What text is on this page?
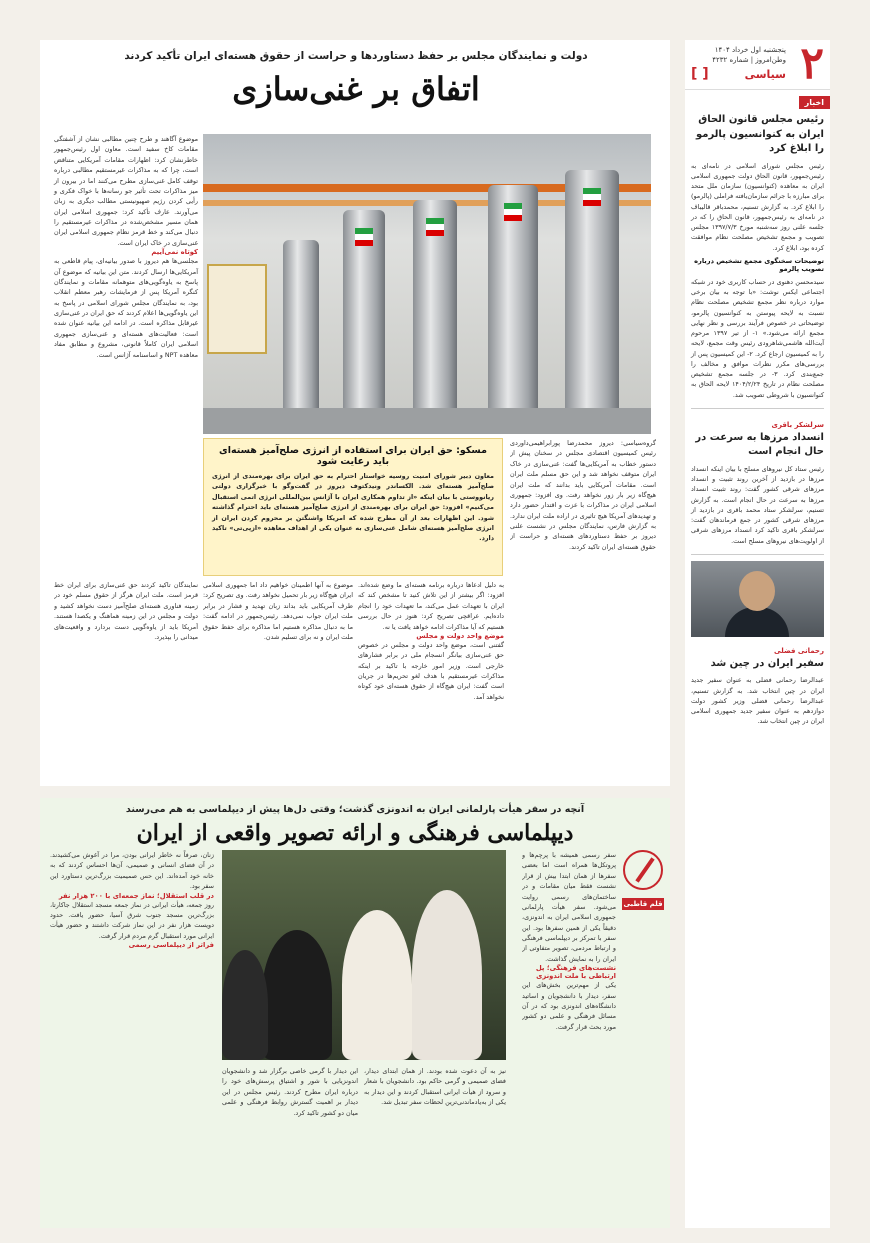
۲
پنجشنبه اول خرداد ۱۴۰۴
وطن‌امروز | شماره ۴۲۳۲
سیاسی
[ ]
اخبار
رئیس مجلس قانون الحاق ایران به کنوانسیون پالرمو را ابلاغ کرد
رئیس مجلس شورای اسلامی در نامه‌ای به رئیس‌جمهور، قانون الحاق دولت جمهوری اسلامی ایران به معاهده (کنوانسیون) سازمان ملل متحد برای مبارزه با جرائم سازمان‌یافته فراملی (پالرمو) را ابلاغ کرد. به گزارش تسنیم، محمدباقر قالیباف در نامه‌ای به رئیس‌جمهور، قانون الحاق را که در جلسه علنی روز سه‌شنبه مورخ ۱۳۹۷/۷/۳ مجلس تصویب و مجمع تشخیص مصلحت نظام موافقت کرده بود، ابلاغ کرد.
توضیحات سخنگوی مجمع تشخیص درباره تصویب پالرمو
سیدمحسن دهنوی در حساب کاربری خود در شبکه اجتماعی ایکس نوشت: «با توجه به بیان برخی موارد درباره نظر مجمع تشخیص مصلحت نظام نسبت به لایحه پیوستن به کنوانسیون پالرمو، توضیحاتی در خصوص فرآیند بررسی و نظر نهایی مجمع ارائه می‌شود.» ۱- از تیر ۱۳۹۷ مرحوم آیت‌الله هاشمی‌شاهرودی رئیس وقت مجمع، لایحه را به کمیسیون ارجاع کرد. ۲- این کمیسیون پس از بررسی‌های مکرر نظرات موافق و مخالف را جمع‌بندی کرد. ۳- در جلسه مجمع تشخیص مصلحت نظام در تاریخ ۱۴۰۴/۲/۲۴ لایحه الحاق به کنوانسیون با شروطی تصویب شد.
سرلشکر باقری
انسداد مرزها به سرعت در حال انجام است
رئیس ستاد کل نیروهای مسلح با بیان اینکه انسداد مرزها در بازدید از آخرین روند تثبیت و انسداد مرزهای شرقی کشور گفت: روند تثبیت انسداد مرزها به سرعت در حال انجام است. به گزارش تسنیم، سرلشکر ستاد محمد باقری در بازدید از مرزهای شرقی کشور در جمع فرماندهان گفت: سرلشکر باقری تاکید کرد انسداد مرزهای شرقی از اولویت‌های نیروهای مسلح است.
رحمانی فضلی
سفیر ایران در چین شد
عبدالرضا رحمانی فضلی به عنوان سفیر جدید ایران در چین انتخاب شد. به گزارش تسنیم، عبدالرضا رحمانی فضلی وزیر کشور دولت دوازدهم به عنوان سفیر جدید جمهوری اسلامی ایران در چین انتخاب شد.
دولت و نمایندگان مجلس بر حفظ دستاوردها و حراست از حقوق هسته‌ای ایران تأکید کردند
اتفاق بر غنی‌سازی

موضوع آگاهند و طرح چنین مطالبی نشان از آشفتگی مقامات کاخ سفید است. معاون اول رئیس‌جمهور خاطرنشان کرد: اظهارات مقامات آمریکایی متناقض است، چرا که به مذاکرات غیرمستقیم مطالبی درباره توقف کامل غنی‌سازی مطرح می‌کنند اما در بیرون از میز مذاکرات تحت تأثیر جو رسانه‌ها با خواک فکری و رأیی کردن رژیم صهیونیستی مطالب دیگری به زبان می‌آورند. عارف تأکید کرد: جمهوری اسلامی ایران همان مسیر مشخص‌شده در مذاکرات غیرمستقیم را دنبال می‌کند و خط قرمز نظام جمهوری اسلامی ایران غنی‌سازی در خاک ایران است.

کوتاه نمی‌آییم

مجلسی‌ها هم دیروز با صدور بیانیه‌ای، پیام قاطعی به آمریکایی‌ها ارسال کردند. متن این بیانیه که موضوع آن پاسخ به یاوه‌گویی‌های متوهمانه مقامات و نمایندگان کنگره آمریکا پس از فرمایشات رهبر معظم انقلاب بود، به نمایندگان مجلس شورای اسلامی در پاسخ به این یاوه‌گویی‌ها اعلام کردند که حق ایران در غنی‌سازی غیرقابل مذاکره است. در ادامه این بیانیه عنوان شده است: فعالیت‌های هسته‌ای و غنی‌سازی جمهوری اسلامی ایران کاملاً قانونی، مشروع و مطابق مفاد معاهده NPT و اساسنامه آژانس است.

مسکو: حق ایران برای استفاده از انرژی صلح‌آمیز هسته‌ای باید رعایت شود

معاون دبیر شورای امنیت روسیه خواستار احترام به حق ایران برای بهره‌مندی از انرژی صلح‌آمیز هسته‌ای شد. الکساندر ونیدکتوف دیروز در گفت‌وگو با خبرگزاری دولتی ریانووستی با بیان اینکه «از تداوم همکاری ایران با آژانس بین‌المللی انرژی اتمی استقبال می‌کنیم» افزود: حق ایران برای بهره‌مندی از انرژی صلح‌آمیز هسته‌ای باید احترام گذاشته شود. این اظهارات بعد از آن مطرح شده که امریکا واشنگتن بر محروم کردن ایران از انرژی صلح‌آمیز هسته‌ای شامل غنی‌سازی به عنوان یکی از اهداف معاهده «ازپی‌تی» تاکید دارد.

گروه‌سیاسی: دیروز محمدرضا پورابراهیمی‌داوردی رئیس کمیسیون اقتصادی مجلس در سخنان پیش از دستور خطاب به آمریکایی‌ها گفت: غنی‌سازی در خاک ایران متوقف نخواهد شد و این حق مسلم ملت ایران است. مقامات آمریکایی باید بدانند که ملت ایران هیچ‌گاه زیر بار زور نخواهد رفت. وی افزود: جمهوری اسلامی ایران در مذاکرات با عزت و اقتدار حضور دارد و تهدیدهای آمریکا هیچ تاثیری در اراده ملت ایران ندارد. به گزارش فارس، نمایندگان مجلس در نشست علنی دیروز بر حفظ دستاوردهای هسته‌ای و حراست از حقوق هسته‌ای ایران تاکید کردند.

به دلیل ادعاها درباره برنامه هسته‌ای ما وضع شده‌اند. افزود: اگر بیشتر از این تلاش کنید تا مشخص کند که ایران با تعهدات عمل می‌کند، ما تعهدات خود را انجام داده‌ایم. عراقچی تصریح کرد: هنوز در حال بررسی هستیم که آیا مذاکرات ادامه خواهد یافت یا نه.

موضع واحد دولت و مجلس

گفتنی است، موضع واحد دولت و مجلس در خصوص حق غنی‌سازی بیانگر انسجام ملی در برابر فشارهای خارجی است. وزیر امور خارجه با تاکید بر اینکه مذاکرات غیرمستقیم با هدف لغو تحریم‌ها در جریان است گفت: ایران هیچ‌گاه از حقوق هسته‌ای خود کوتاه نخواهد آمد.

موضوع به آنها اطمینان خواهیم داد اما جمهوری اسلامی ایران هیچ‌گاه زیر بار تحمیل نخواهد رفت. وی تصریح کرد: طرف آمریکایی باید بداند زبان تهدید و فشار در برابر ملت ایران جواب نمی‌دهد. رئیس‌جمهور در ادامه گفت: ما به دنبال مذاکره هستیم اما مذاکره برای حفظ حقوق ملت ایران و نه برای تسلیم شدن.

نمایندگان تاکید کردند حق غنی‌سازی برای ایران خط قرمز است. ملت ایران هرگز از حقوق مسلم خود در زمینه فناوری هسته‌ای صلح‌آمیز دست نخواهد کشید و دولت و مجلس در این زمینه هماهنگ و یکصدا هستند. آمریکا باید از یاوه‌گویی دست بردارد و واقعیت‌های میدانی را بپذیرد.

آنچه در سفر هیأت پارلمانی ایران به اندونزی گذشت؛ وقتی دل‌ها پیش از دیپلماسی به هم می‌رسند
دیپلماسی فرهنگی و ارائه تصویر واقعی از ایران
قلم‌ قاطبی

سفر رسمی همیشه با پرچم‌ها و پروتکل‌ها همراه است اما بعضی سفرها از همان ابتدا بیش از قرار نشست فقط میان مقامات و در ساختمان‌های رسمی روایت می‌شود. سفر هیأت پارلمانی جمهوری اسلامی ایران به اندونزی، دقیقاً یکی از همین سفرها بود. این سفر با تمرکز بر دیپلماسی فرهنگی و ارتباط مردمی، تصویر متفاوتی از ایران را به نمایش گذاشت.

نشست‌های فرهنگی؛ پل ارتباطی با ملت اندونزی

یکی از مهم‌ترین بخش‌های این سفر، دیدار با دانشجویان و اساتید دانشگاه‌های اندونزی بود که در آن مسائل فرهنگی و علمی دو کشور مورد بحث قرار گرفت.

این دیدار با گرمی خاصی برگزار شد و دانشجویان اندونزیایی با شور و اشتیاق پرسش‌های خود را درباره ایران مطرح کردند. رئیس مجلس در این دیدار بر اهمیت گسترش روابط فرهنگی و علمی میان دو کشور تاکید کرد.

نیز به آن دعوت شده بودند. از همان ابتدای دیدار، فضای صمیمی و گرمی حاکم بود. دانشجویان با شعار و سرود از هیأت ایرانی استقبال کردند و این دیدار به یکی از به‌یادماندنی‌ترین لحظات سفر تبدیل شد.

زنان، صرفاً نه خاطر ایرانی بودن، مرا در آغوش می‌کشیدند. در آن فضای انسانی و صمیمی، آن‌ها احساس کردند که به خانه خود آمده‌اند. این حس صمیمیت بزرگ‌ترین دستاورد این سفر بود.

در قلب استقلال؛ نماز جمعه‌ای با ۲۰۰ هزار نفر

روز جمعه، هیأت ایرانی در نماز جمعه مسجد استقلال جاکارتا، بزرگ‌ترین مسجد جنوب شرق آسیا، حضور یافت. حدود دویست هزار نفر در این نماز شرکت داشتند و حضور هیأت ایرانی مورد استقبال گرم مردم قرار گرفت.

فراتر از دیپلماسی رسمی
